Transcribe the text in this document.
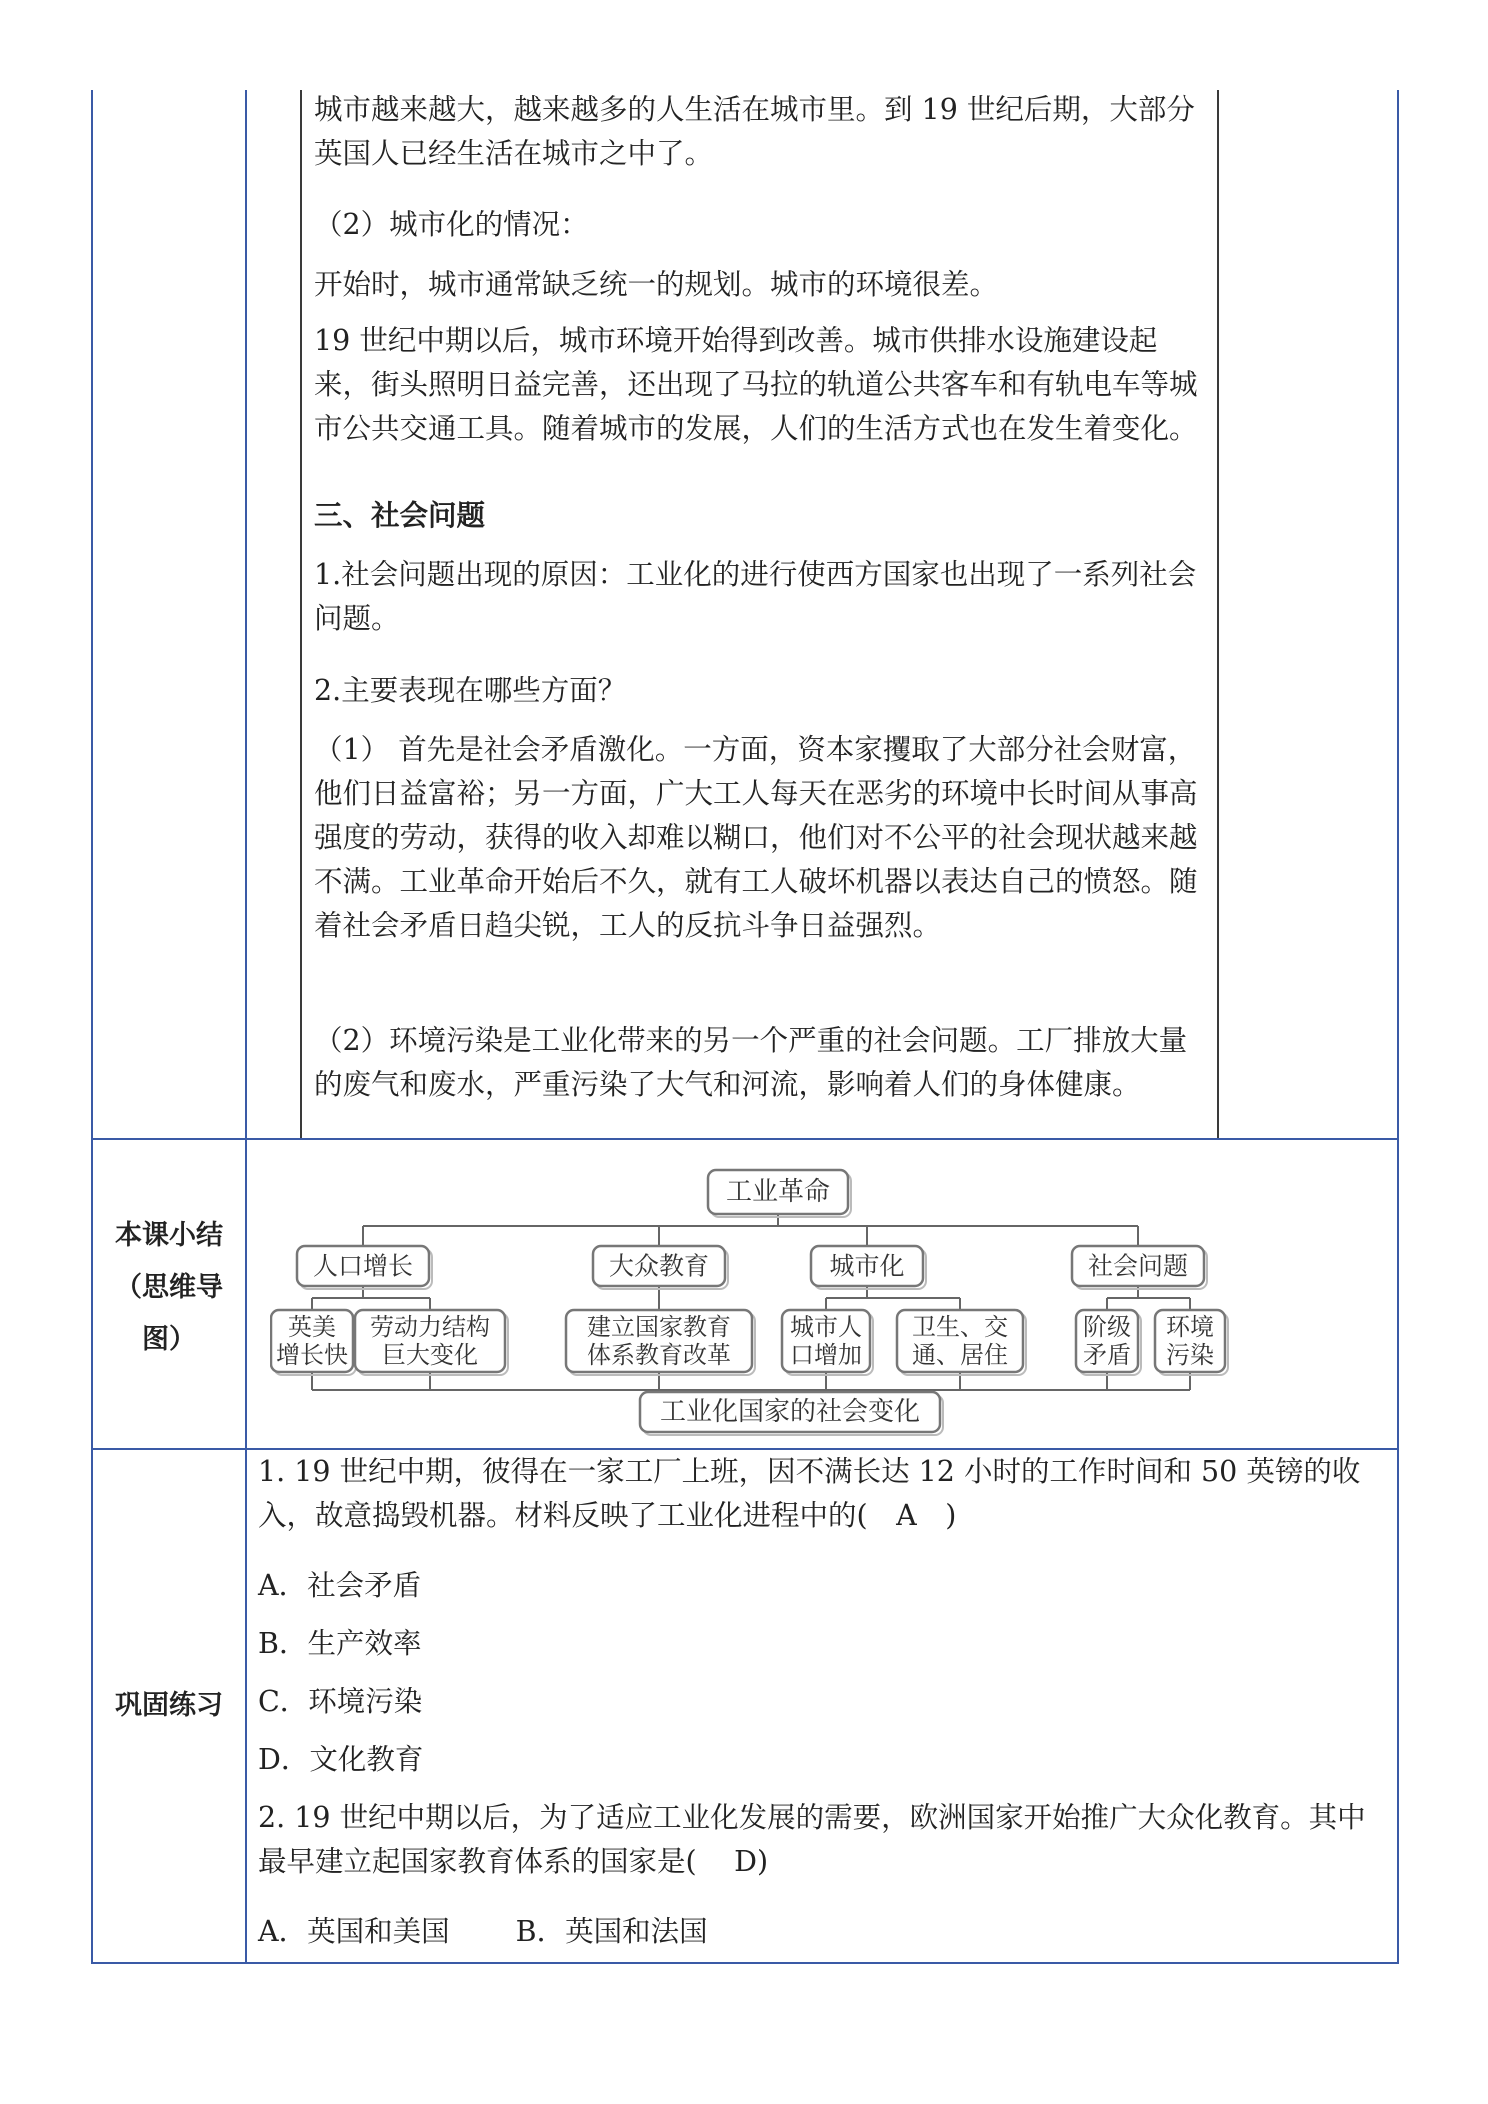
城市越来越大，越来越多的人生活在城市里。到 19 世纪后期，大部分英国人已经生活在城市之中了。
（2）城市化的情况：
开始时，城市通常缺乏统一的规划。城市的环境很差。
19 世纪中期以后，城市环境开始得到改善。城市供排水设施建设起来，街头照明日益完善，还出现了马拉的轨道公共客车和有轨电车等城市公共交通工具。随着城市的发展，人们的生活方式也在发生着变化。
三、社会问题
1.社会问题出现的原因：工业化的进行使西方国家也出现了一系列社会问题。
2.主要表现在哪些方面？
（1） 首先是社会矛盾激化。一方面，资本家攫取了大部分社会财富，他们日益富裕；另一方面，广大工人每天在恶劣的环境中长时间从事高强度的劳动，获得的收入却难以糊口，他们对不公平的社会现状越来越不满。工业革命开始后不久，就有工人破坏机器以表达自己的愤怒。随着社会矛盾日趋尖锐，工人的反抗斗争日益强烈。
（2）环境污染是工业化带来的另一个严重的社会问题。工厂排放大量的废气和废水，严重污染了大气和河流，影响着人们的身体健康。
本课小结
（思维导
图）
工业革命
人口增长
英美
增长快
劳动力结构
巨大变化
大众教育
建立国家教育
体系教育改革
城市化
城市人
口增加
卫生、交
通、居住
社会问题
阶级
矛盾
环境
污染
工业化国家的社会变化
巩固练习
1. 19 世纪中期，彼得在一家工厂上班，因不满长达 12 小时的工作时间和 50 英镑的收入，故意捣毁机器。材料反映了工业化进程中的(　A　)
A．社会矛盾
B．生产效率
C．环境污染
D．文化教育
2. 19 世纪中期以后，为了适应工业化发展的需要，欧洲国家开始推广大众化教育。其中最早建立起国家教育体系的国家是(　 D)
A．英国和美国　　 B．英国和法国
